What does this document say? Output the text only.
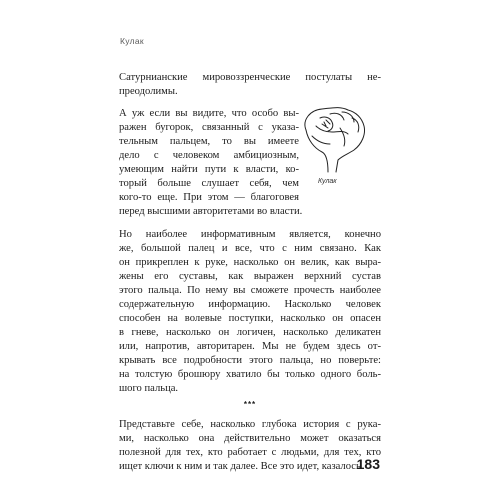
Кулак

Сатурнианские мировоззренческие постулаты не-

преодолимы.

А уж если вы видите, что особо вы-

ражен бугорок, связанный с указа-

тельным пальцем, то вы имеете

дело с человеком амбициозным,

умеющим найти пути к власти, ко-

торый больше слушает себя, чем

кого-то еще. При этом — благоговея

перед высшими авторитетами во власти.

Кулак

Но наиболее информативным является, конечно

же, большой палец и все, что с ним связано. Как

он прикреплен к руке, насколько он велик, как выра-

жены его суставы, как выражен верхний сустав

этого пальца. По нему вы сможете прочесть наиболее

содержательную информацию. Насколько человек

способен на волевые поступки, насколько он опасен

в гневе, насколько он логичен, насколько деликатен

или, напротив, авторитарен. Мы не будем здесь от-

крывать все подробности этого пальца, но поверьте:

***

Представьте себе, насколько глубока история с рука-

ми, насколько она действительно может оказаться

полезной для тех, кто работает с людьми, для тех, кто

ищет ключи к ним и так далее. Все это идет, казалось

на толстую брошюру хватило бы только одного боль-

шого пальца.

183
